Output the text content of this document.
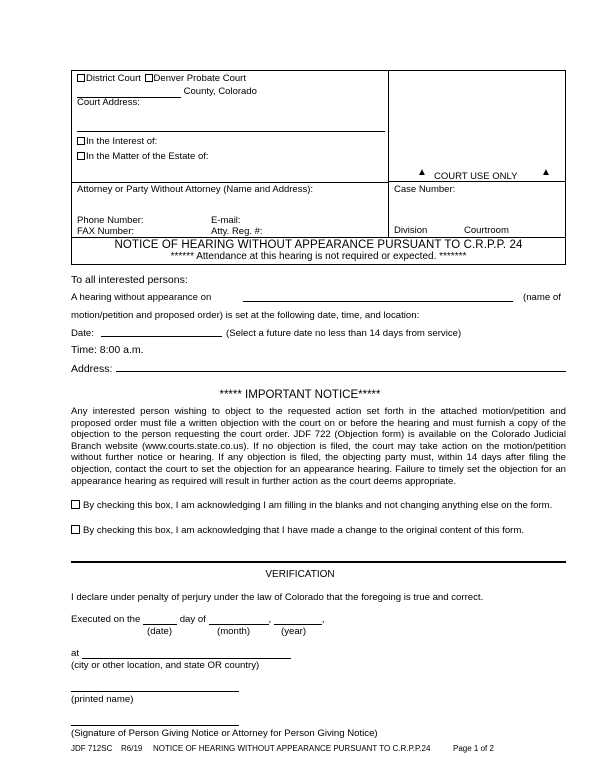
District Court Denver Probate Court
County, Colorado
Court Address:
In the Interest of:
In the Matter of the Estate of:
▲ COURT USE ONLY ▲
Attorney or Party Without Attorney (Name and Address):
Phone Number:	E-mail:
FAX Number:	Atty. Reg. #:
Case Number:
Division	Courtroom
NOTICE OF HEARING WITHOUT APPEARANCE PURSUANT TO C.R.P.P. 24
****** Attendance at this hearing is not required or expected. *******
To all interested persons:
A hearing without appearance on	(name of
motion/petition and proposed order) is set at the following date, time, and location:
Date:	(Select a future date no less than 14 days from service)
Time: 8:00 a.m.
Address:
***** IMPORTANT NOTICE*****
Any interested person wishing to object to the requested action set forth in the attached motion/petition and proposed order must file a written objection with the court on or before the hearing and must furnish a copy of the objection to the person requesting the court order. JDF 722 (Objection form) is available on the Colorado Judicial Branch website (www.courts.state.co.us). If no objection is filed, the court may take action on the motion/petition without further notice or hearing. If any objection is filed, the objecting party must, within 14 days after filing the objection, contact the court to set the objection for an appearance hearing. Failure to timely set the objection for an appearance hearing as required will result in further action as the court deems appropriate.
By checking this box, I am acknowledging I am filling in the blanks and not changing anything else on the form.
By checking this box, I am acknowledging that I have made a change to the original content of this form.
VERIFICATION
I declare under penalty of perjury under the law of Colorado that the foregoing is true and correct.
Executed on the	day of	,	,
(date)	(month)	(year)
at
(city or other location, and state OR country)
(printed name)
(Signature of Person Giving Notice or Attorney for Person Giving Notice)
JDF 712SC R6/19 NOTICE OF HEARING WITHOUT APPEARANCE PURSUANT TO C.R.P.P.24	Page 1 of 2
